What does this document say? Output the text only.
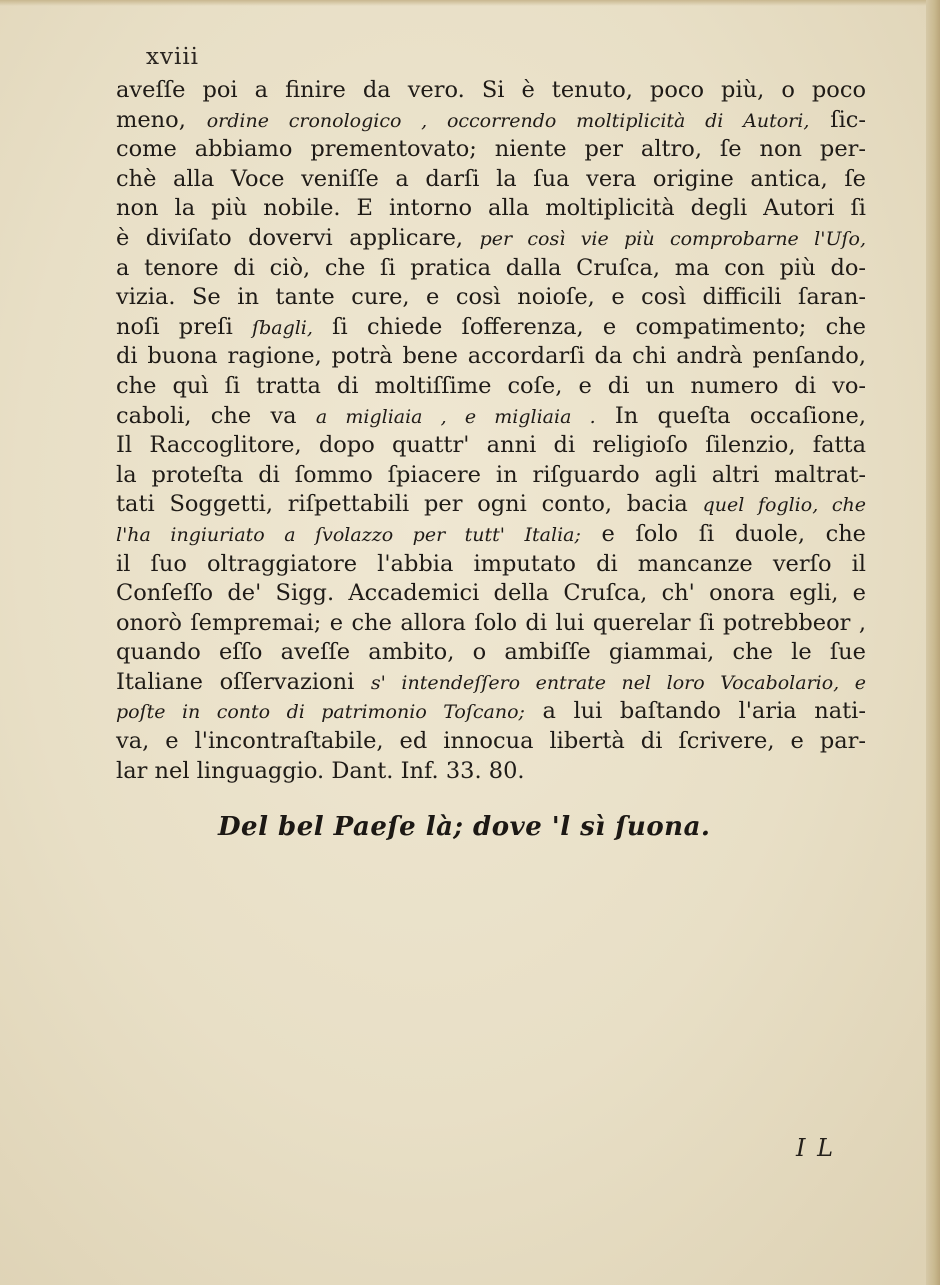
xviii
aveſſe poi a finire da vero. Si è tenuto, poco più, o poco
meno, ordine cronologico , occorrendo moltiplicità di Autori, ſic-
come abbiamo prementovato; niente per altro, ſe non per-
chè alla Voce veniſſe a darſi la ſua vera origine antica, ſe
non la più nobile. E intorno alla moltiplicità degli Autori ſi
è diviſato dovervi applicare, per così vie più comprobarne l'Uſo,
a tenore di ciò, che ſi pratica dalla Cruſca, ma con più do-
vizia. Se in tante cure, e così noioſe, e così difficili ſaran-
noſi preſi ſbagli, ſi chiede ſofferenza, e compatimento; che
di buona ragione, potrà bene accordarſi da chi andrà penſando,
che quì ſi tratta di moltiſſime coſe, e di un numero di vo-
caboli, che va a migliaia , e migliaia . In queſta occaſione,
Il Raccoglitore, dopo quattr' anni di religioſo ſilenzio, fatta
la proteſta di ſommo ſpiacere in riſguardo agli altri maltrat-
tati Soggetti, riſpettabili per ogni conto, bacia quel foglio, che
l'ha ingiuriato a ſvolazzo per tutt' Italia; e ſolo ſi duole, che
il ſuo oltraggiatore l'abbia imputato di mancanze verſo il
Conſeſſo de' Sigg. Accademici della Cruſca, ch' onora egli, e
onorò ſempremai; e che allora ſolo di lui querelar ſi potrebbeor ,
quando eſſo aveſſe ambito, o ambiſſe giammai, che le ſue
Italiane oſſervazioni s' intendeſſero entrate nel loro Vocabolario, e
poſte in conto di patrimonio Toſcano; a lui baſtando l'aria nati-
va, e l'incontraſtabile, ed innocua libertà di ſcrivere, e par-
lar nel linguaggio. Dant. Inf. 33. 80.
Del bel Paeſe là; dove 'l sì ſuona.
I L
